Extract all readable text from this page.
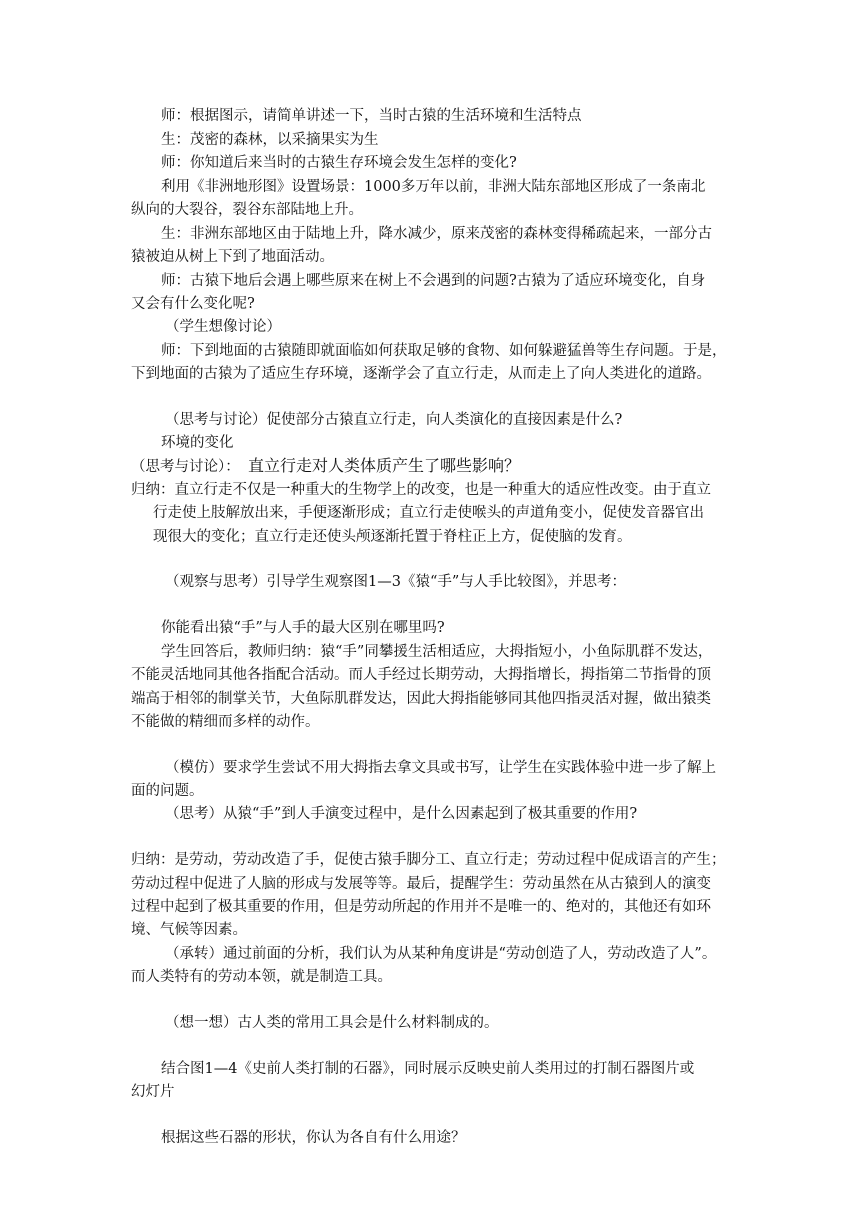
师：根据图示，请简单讲述一下，当时古猿的生活环境和生活特点
生：茂密的森林，以采摘果实为生
师：你知道后来当时的古猿生存环境会发生怎样的变化?
利用《非洲地形图》设置场景：1000多万年以前，非洲大陆东部地区形成了一条南北
纵向的大裂谷，裂谷东部陆地上升。
生：非洲东部地区由于陆地上升，降水减少，原来茂密的森林变得稀疏起来，一部分古
猿被迫从树上下到了地面活动。
师：古猿下地后会遇上哪些原来在树上不会遇到的问题?古猿为了适应环境变化，自身
又会有什么变化呢?
（学生想像讨论）
师：下到地面的古猿随即就面临如何获取足够的食物、如何躲避猛兽等生存问题。于是，
下到地面的古猿为了适应生存环境，逐渐学会了直立行走，从而走上了向人类进化的道路。
（思考与讨论）促使部分古猿直立行走，向人类演化的直接因素是什么?
环境的变化
（思考与讨论）： 直立行走对人类体质产生了哪些影响？
归纳：直立行走不仅是一种重大的生物学上的改变，也是一种重大的适应性改变。由于直立
行走使上肢解放出来，手便逐渐形成；直立行走使喉头的声道角变小，促使发音器官出
现很大的变化；直立行走还使头颅逐渐托置于脊柱正上方，促使脑的发育。
（观察与思考）引导学生观察图1—3《猿“手”与人手比较图》，并思考：
你能看出猿“手”与人手的最大区别在哪里吗?
学生回答后，教师归纳：猿“手”同攀援生活相适应，大拇指短小，小鱼际肌群不发达，
不能灵活地同其他各指配合活动。而人手经过长期劳动，大拇指增长，拇指第二节指骨的顶
端高于相邻的制掌关节，大鱼际肌群发达，因此大拇指能够同其他四指灵活对握，做出猿类
不能做的精细而多样的动作。
（模仿）要求学生尝试不用大拇指去拿文具或书写，让学生在实践体验中进一步了解上
面的问题。
（思考）从猿“手”到人手演变过程中，是什么因素起到了极其重要的作用?
归纳：是劳动，劳动改造了手，促使古猿手脚分工、直立行走；劳动过程中促成语言的产生；
劳动过程中促进了人脑的形成与发展等等。最后，提醒学生：劳动虽然在从古猿到人的演变
过程中起到了极其重要的作用，但是劳动所起的作用并不是唯一的、绝对的，其他还有如环
境、气候等因素。
（承转）通过前面的分析，我们认为从某种角度讲是“劳动创造了人，劳动改造了人”。
而人类特有的劳动本领，就是制造工具。
（想一想）古人类的常用工具会是什么材料制成的。
结合图1—4《史前人类打制的石器》，同时展示反映史前人类用过的打制石器图片或
幻灯片
根据这些石器的形状，你认为各自有什么用途？
